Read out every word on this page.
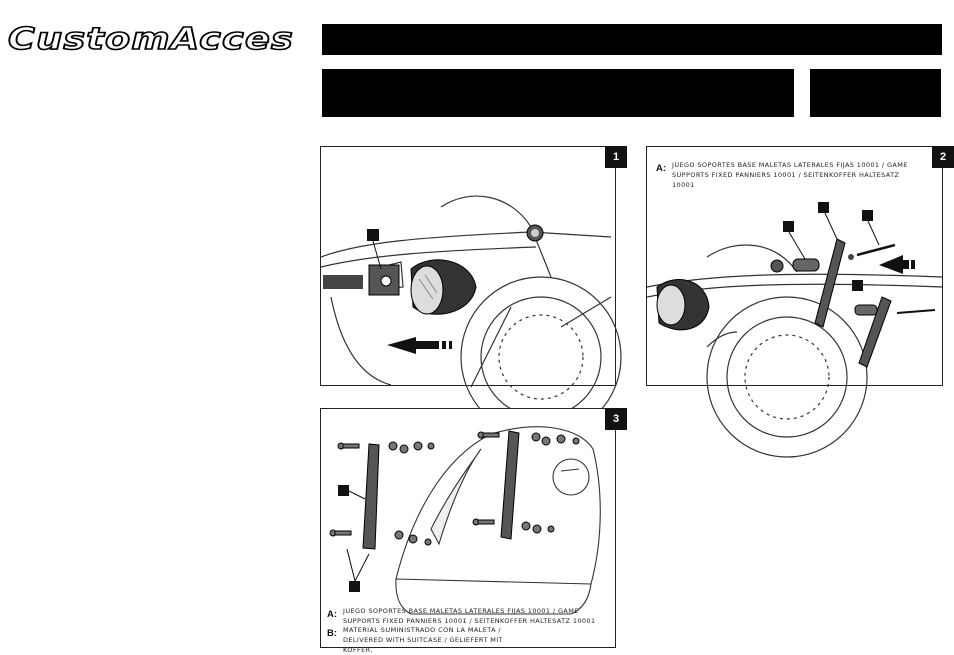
CustomAcces
1
A: JUEGO SOPORTES BASE MALETAS LATERALES FIJAS 10001 / GAME SUPPORTS FIXED PANNIERS 10001 / SEITENKOFFER HALTESATZ 10001
2
3
A: JUEGO SOPORTES BASE MALETAS LATERALES FIJAS 10001 / GAME SUPPORTS FIXED PANNIERS 10001 / SEITENKOFFER HALTESATZ 10001
B: MATERIAL SUMINISTRADO CON LA MALETA / DELIVERED WITH SUITCASE / GELIEFERT MIT KOFFER.
